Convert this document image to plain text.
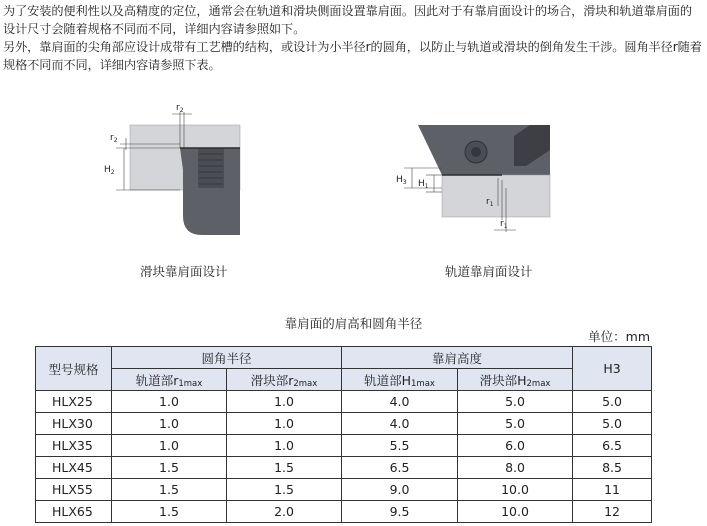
为了安装的便利性以及高精度的定位，通常会在轨道和滑块侧面设置靠肩面。因此对于有靠肩面设计的场合，滑块和轨道靠肩面的设计尺寸会随着规格不同而不同，详细内容请参照如下。

另外，靠肩面的尖角部应设计成带有工艺槽的结构，或设计为小半径r的圆角，以防止与轨道或滑块的倒角发生干涉。圆角半径r随着规格不同而不同，详细内容请参照下表。

$r_2$
$r_2$
$H_2$
滑块靠肩面设计
$H_3$ $H_1$
$r_1$
$r_1$
轨道靠肩面设计
靠肩面的肩高和圆角半径
单位：mm
型号规格	圆角半径		靠肩高度		H3
	轨道部$r_{1max}$	滑块部$r_{2max}$	轨道部$H_{1max}$	滑块部$H_{2max}$
HLX25	1.0	1.0	4.0	5.0	5.0
HLX30	1.0	1.0	4.0	5.0	5.0
HLX35	1.0	1.0	5.5	6.0	6.5
HLX45	1.5	1.5	6.5	8.0	8.5
HLX55	1.5	1.5	9.0	10.0	11
HLX65	1.5	2.0	9.5	10.0	12
